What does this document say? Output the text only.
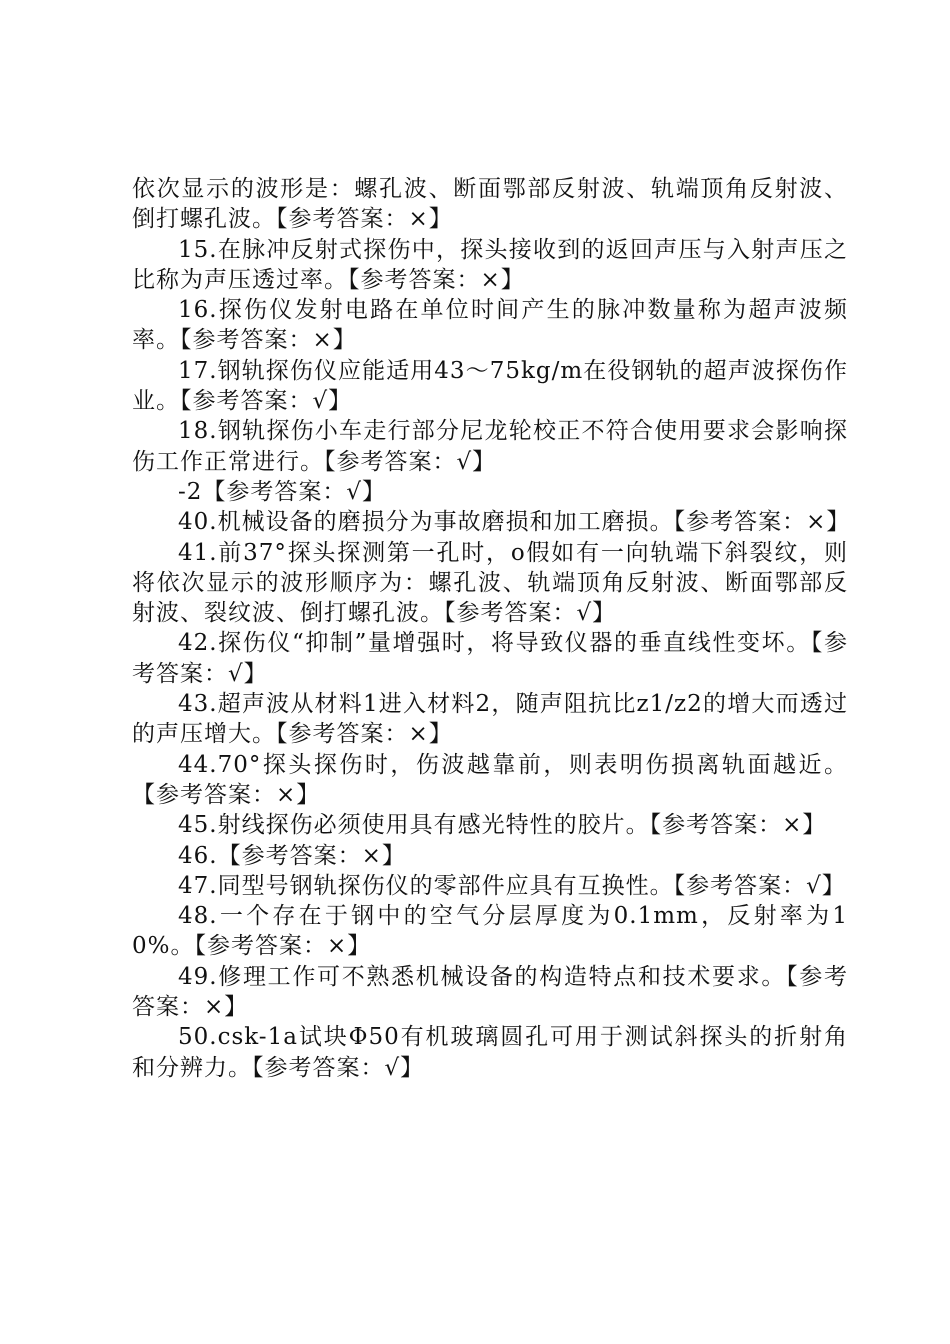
依次显示的波形是：螺孔波、断面鄂部反射波、轨端顶角反射波、倒打螺孔波。【参考答案：×】

15.在脉冲反射式探伤中，探头接收到的返回声压与入射声压之比称为声压透过率。【参考答案：×】

16.探伤仪发射电路在单位时间产生的脉冲数量称为超声波频率。【参考答案：×】

17.钢轨探伤仪应能适用43～75kg/m在役钢轨的超声波探伤作业。【参考答案：√】

18.钢轨探伤小车走行部分尼龙轮校正不符合使用要求会影响探伤工作正常进行。【参考答案：√】

-2【参考答案：√】

40.机械设备的磨损分为事故磨损和加工磨损。【参考答案：×】

41.前37°探头探测第一孔时，o假如有一向轨端下斜裂纹，则将依次显示的波形顺序为：螺孔波、轨端顶角反射波、断面鄂部反射波、裂纹波、倒打螺孔波。【参考答案：√】

42.探伤仪“抑制”量增强时，将导致仪器的垂直线性变坏。【参考答案：√】

43.超声波从材料1进入材料2，随声阻抗比z1/z2的增大而透过的声压增大。【参考答案：×】

44.70°探头探伤时，伤波越靠前，则表明伤损离轨面越近。【参考答案：×】

45.射线探伤必须使用具有感光特性的胶片。【参考答案：×】

46.【参考答案：×】

47.同型号钢轨探伤仪的零部件应具有互换性。【参考答案：√】

48.一个存在于钢中的空气分层厚度为0.1mm，反射率为10%。【参考答案：×】

49.修理工作可不熟悉机械设备的构造特点和技术要求。【参考答案：×】

50.csk-1a试块Φ50有机玻璃圆孔可用于测试斜探头的折射角和分辨力。【参考答案：√】
